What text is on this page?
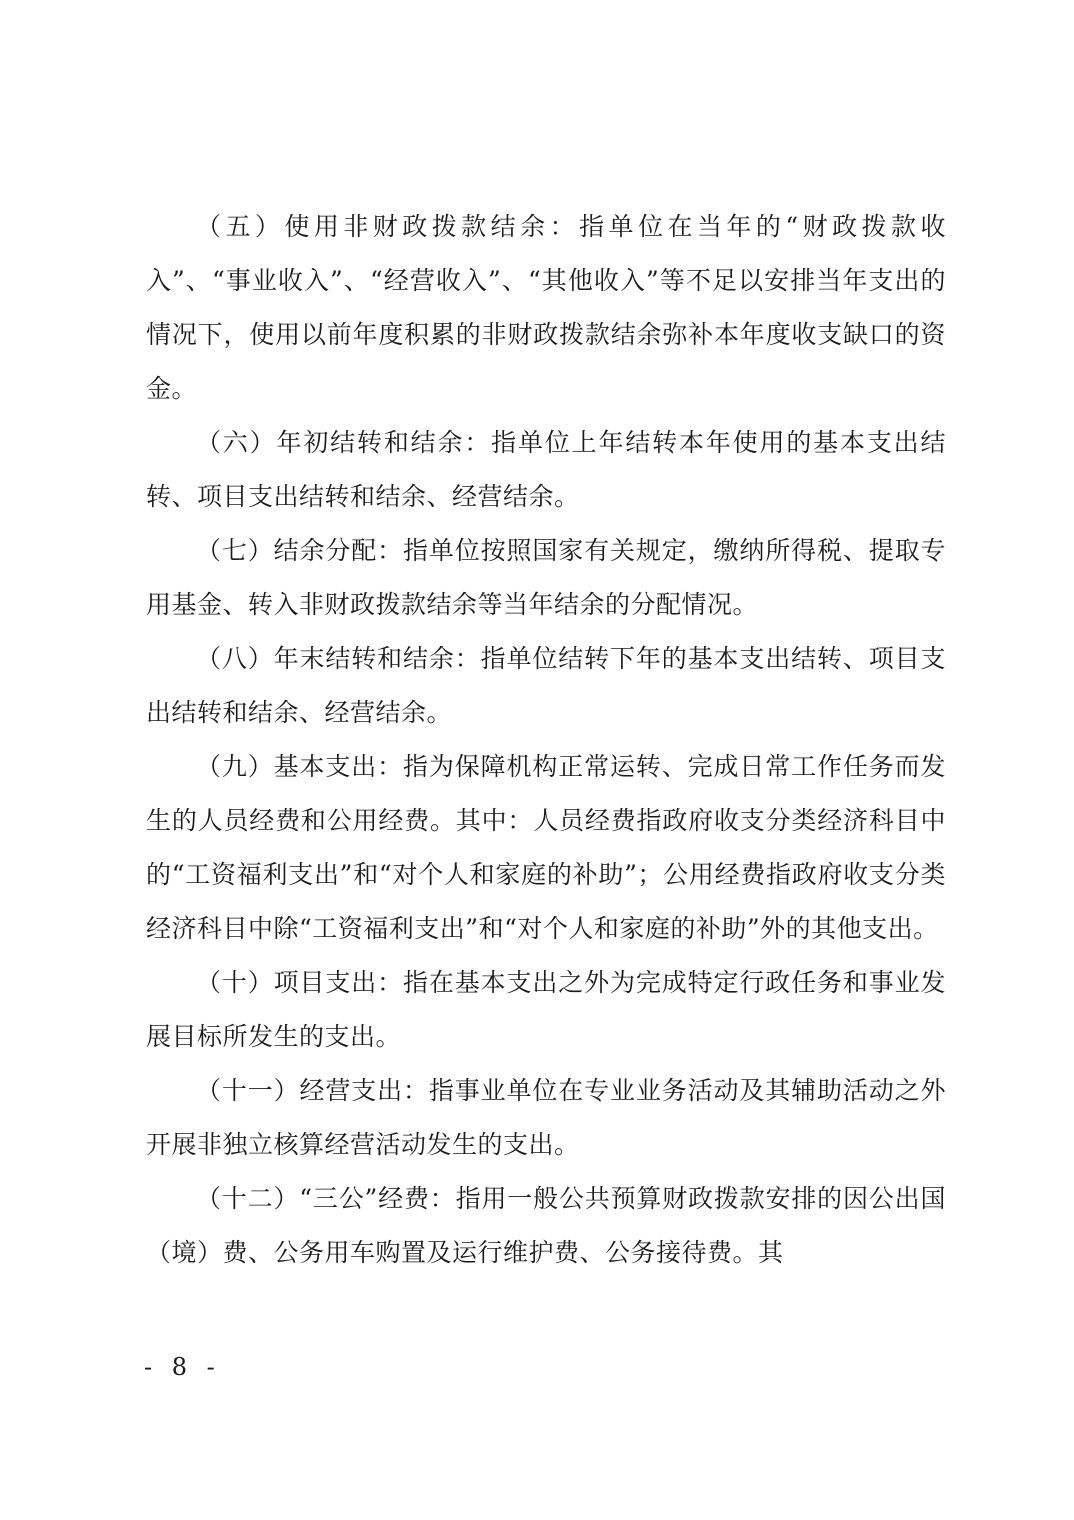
（五）使用非财政拨款结余：指单位在当年的“财政拨款收入”、“事业收入”、“经营收入”、“其他收入”等不足以安排当年支出的情况下，使用以前年度积累的非财政拨款结余弥补本年度收支缺口的资金。

（六）年初结转和结余：指单位上年结转本年使用的基本支出结转、项目支出结转和结余、经营结余。

（七）结余分配：指单位按照国家有关规定，缴纳所得税、提取专用基金、转入非财政拨款结余等当年结余的分配情况。

（八）年末结转和结余：指单位结转下年的基本支出结转、项目支出结转和结余、经营结余。

（九）基本支出：指为保障机构正常运转、完成日常工作任务而发生的人员经费和公用经费。其中：人员经费指政府收支分类经济科目中的“工资福利支出”和“对个人和家庭的补助”；公用经费指政府收支分类经济科目中除“工资福利支出”和“对个人和家庭的补助”外的其他支出。

（十）项目支出：指在基本支出之外为完成特定行政任务和事业发展目标所发生的支出。

（十一）经营支出：指事业单位在专业业务活动及其辅助活动之外开展非独立核算经营活动发生的支出。

（十二）“三公”经费：指用一般公共预算财政拨款安排的因公出国（境）费、公务用车购置及运行维护费、公务接待费。其

- 8 -
